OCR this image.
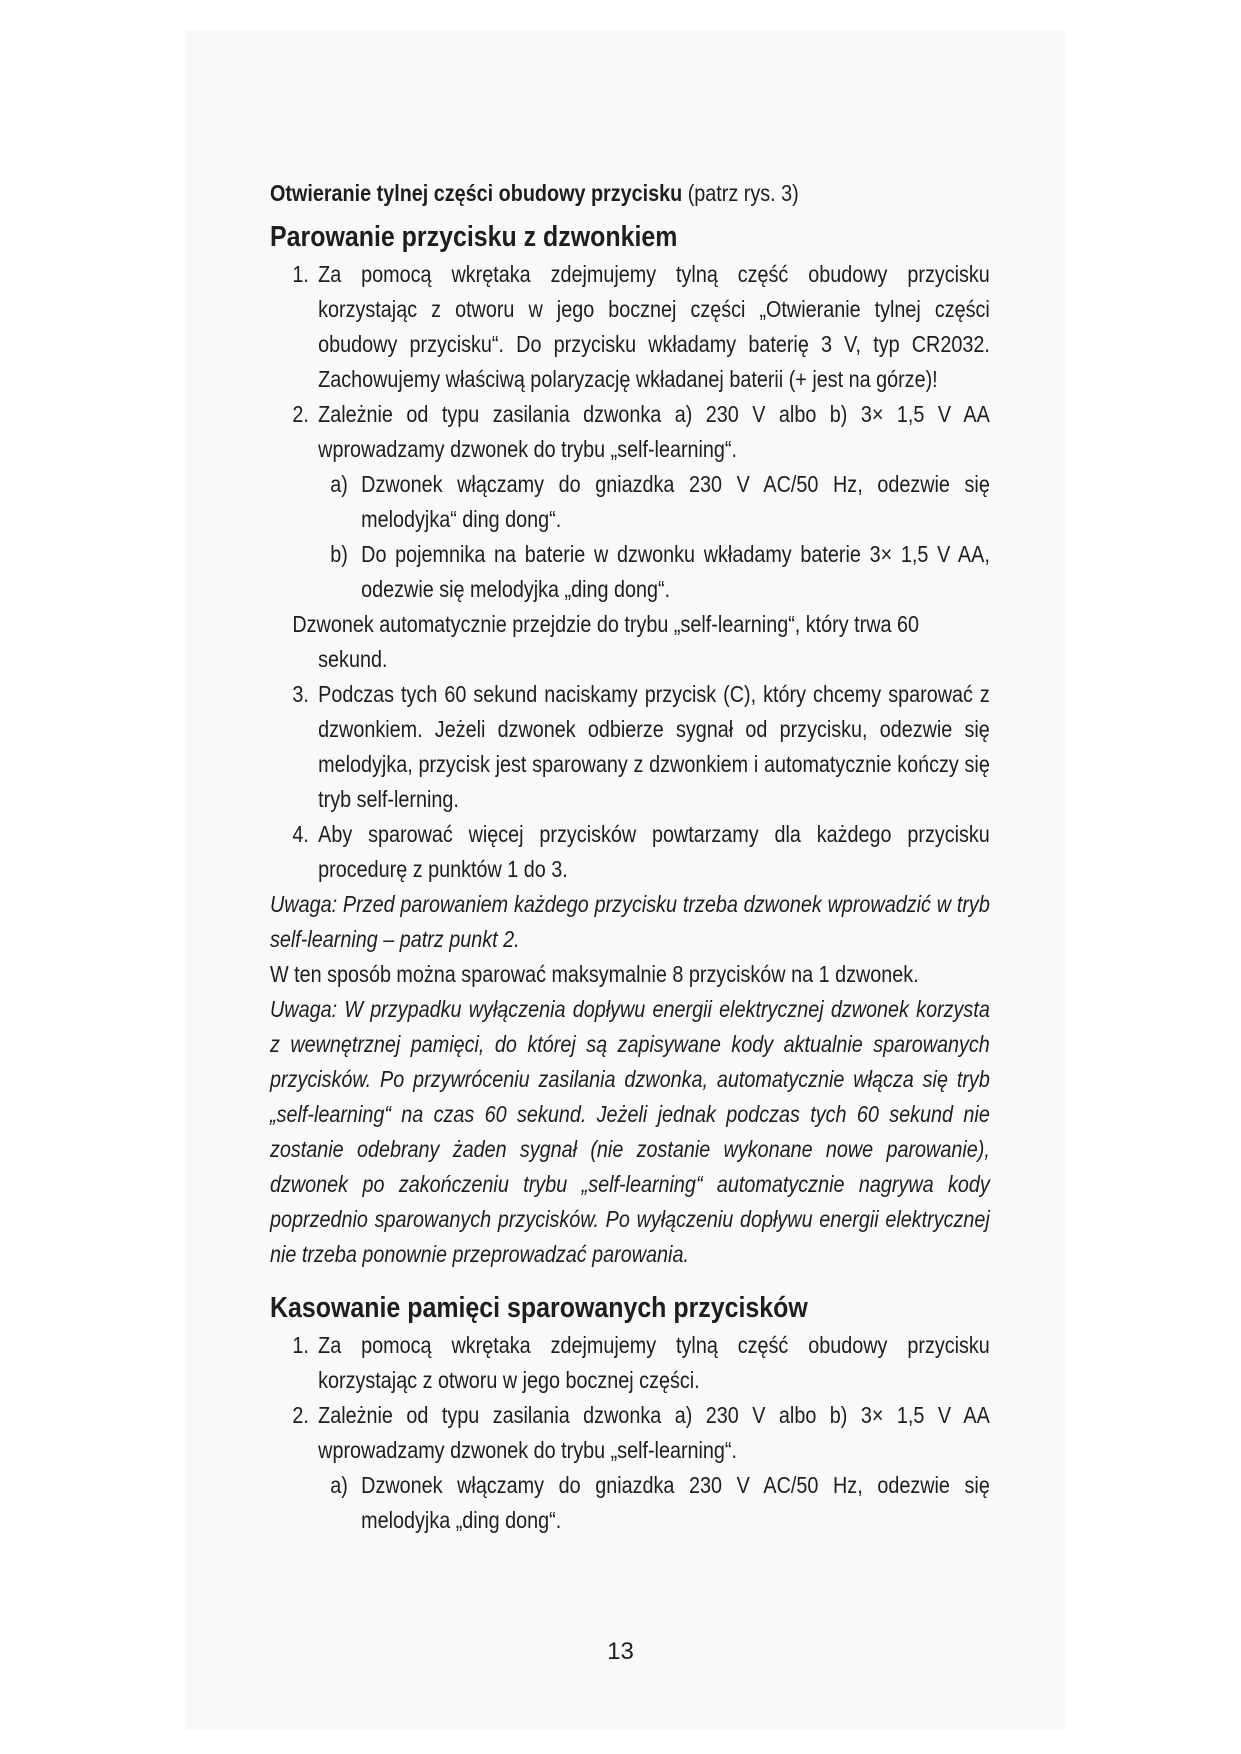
Otwieranie tylnej części obudowy przycisku (patrz rys. 3)

Parowanie przycisku z dzwonkiem
1. Za pomocą wkrętaka zdejmujemy tylną część obudowy przycisku korzystając z otworu w jego bocznej części „Otwieranie tylnej części obudowy przycisku“. Do przycisku wkładamy baterię 3 V, typ CR2032. Zachowujemy właściwą polaryzację wkładanej baterii (+ jest na górze)!
2. Zależnie od typu zasilania dzwonka a) 230 V albo b) 3× 1,5 V AA wprowadzamy dzwonek do trybu „self-learning“.
a) Dzwonek włączamy do gniazdka 230 V AC/50 Hz, odezwie się melodyjka“ ding dong“.
b) Do pojemnika na baterie w dzwonku wkładamy baterie 3× 1,5 V AA, odezwie się melodyjka „ding dong“.
Dzwonek automatycznie przejdzie do trybu „self-learning“, który trwa 60 sekund.
3. Podczas tych 60 sekund naciskamy przycisk (C), który chcemy sparować z dzwonkiem. Jeżeli dzwonek odbierze sygnał od przycisku, odezwie się melodyjka, przycisk jest sparowany z dzwonkiem i automatycznie kończy się tryb self-lerning.
4. Aby sparować więcej przycisków powtarzamy dla każdego przycisku procedurę z punktów 1 do 3.
Uwaga: Przed parowaniem każdego przycisku trzeba dzwonek wprowadzić w tryb self-learning – patrz punkt 2.
W ten sposób można sparować maksymalnie 8 przycisków na 1 dzwonek.
Uwaga: W przypadku wyłączenia dopływu energii elektrycznej dzwonek korzysta z wewnętrznej pamięci, do której są zapisywane kody aktualnie sparowanych przycisków. Po przywróceniu zasilania dzwonka, automatycznie włącza się tryb „self-learning“ na czas 60 sekund. Jeżeli jednak podczas tych 60 sekund nie zostanie odebrany żaden sygnał (nie zostanie wykonane nowe parowanie), dzwonek po zakończeniu trybu „self-learning“ automatycznie nagrywa kody poprzednio sparowanych przycisków. Po wyłączeniu dopływu energii elektrycznej nie trzeba ponownie przeprowadzać parowania.
Kasowanie pamięci sparowanych przycisków
1. Za pomocą wkrętaka zdejmujemy tylną część obudowy przycisku korzystając z otworu w jego bocznej części.
2. Zależnie od typu zasilania dzwonka a) 230 V albo b) 3× 1,5 V AA wprowadzamy dzwonek do trybu „self-learning“.
a) Dzwonek włączamy do gniazdka 230 V AC/50 Hz, odezwie się melodyjka „ding dong“.
13
